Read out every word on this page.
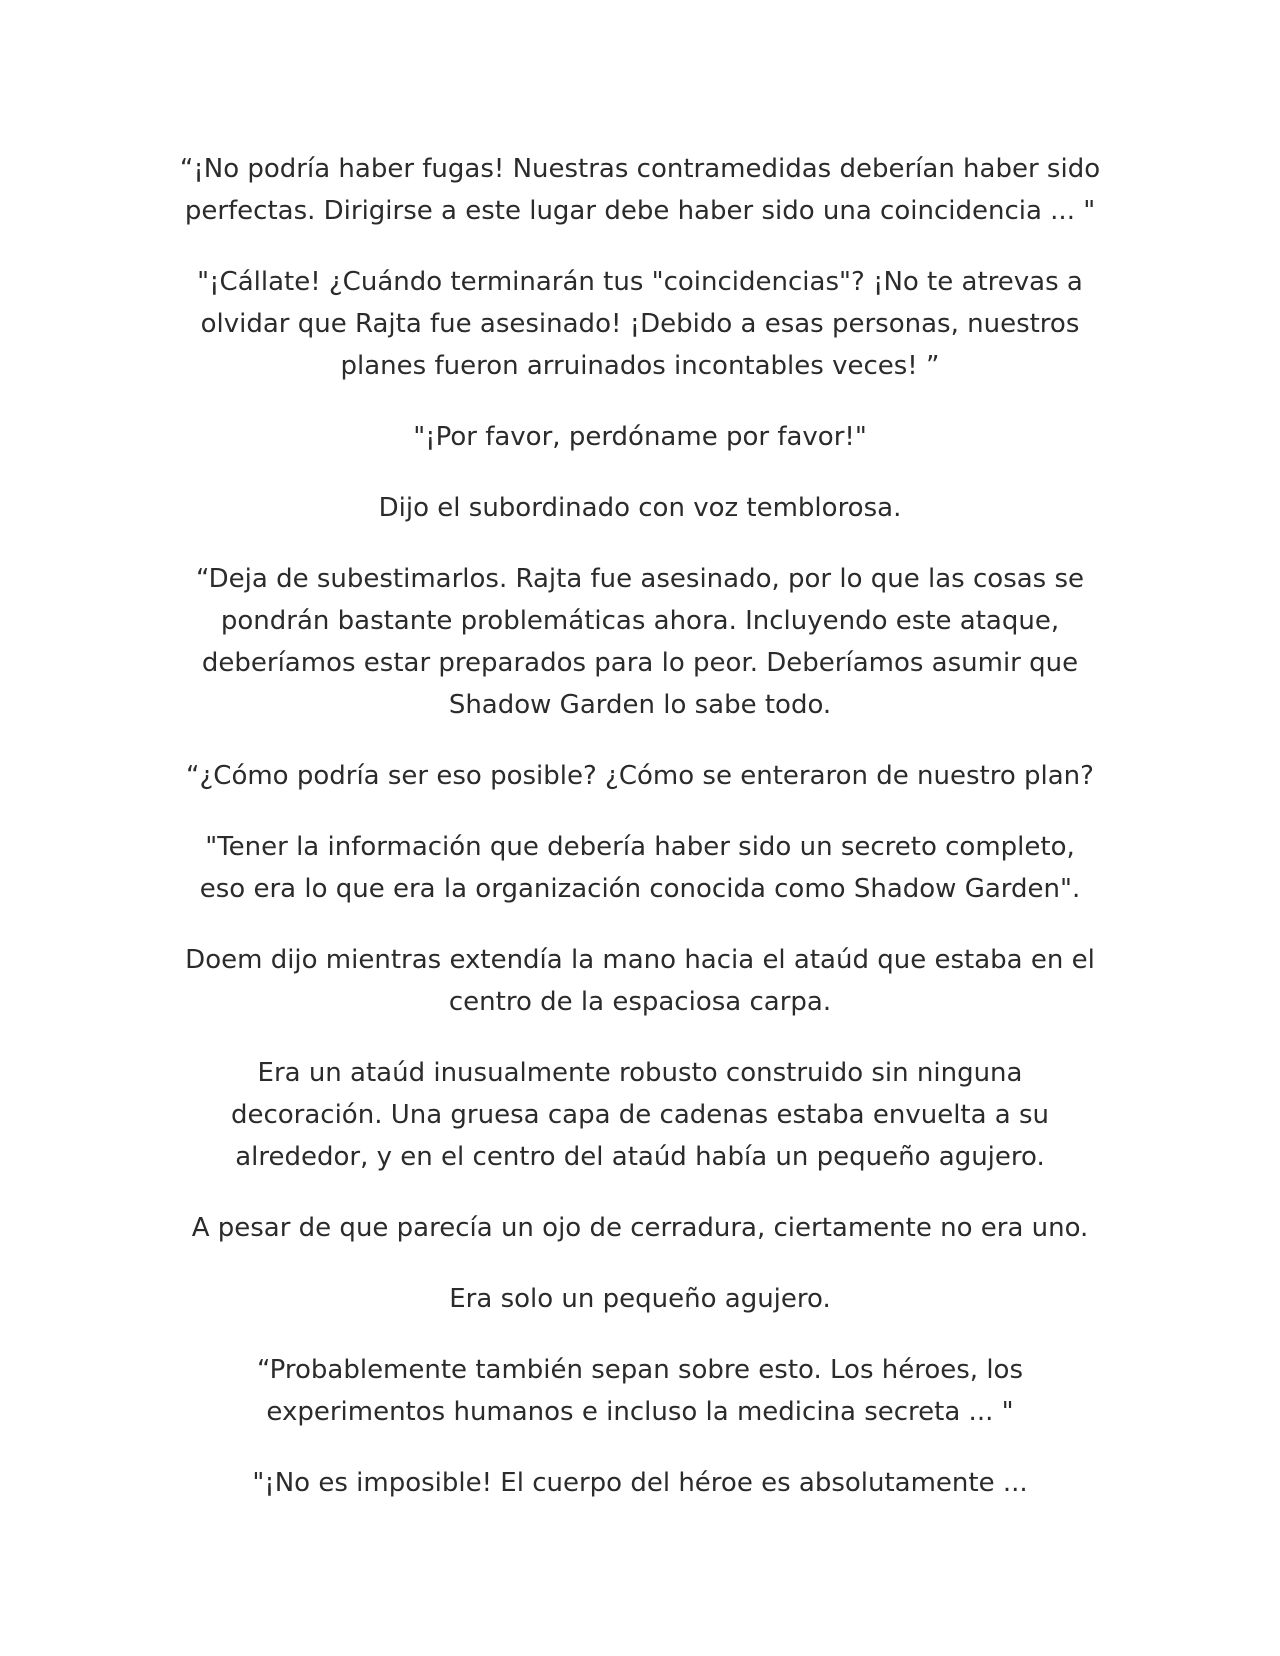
“¡No podría haber fugas! Nuestras contramedidas deberían haber sido
perfectas. Dirigirse a este lugar debe haber sido una coincidencia ... "

"¡Cállate! ¿Cuándo terminarán tus "coincidencias"? ¡No te atrevas a
olvidar que Rajta fue asesinado! ¡Debido a esas personas, nuestros
planes fueron arruinados incontables veces! ”

"¡Por favor, perdóname por favor!"

Dijo el subordinado con voz temblorosa.

“Deja de subestimarlos. Rajta fue asesinado, por lo que las cosas se
pondrán bastante problemáticas ahora. Incluyendo este ataque,
deberíamos estar preparados para lo peor. Deberíamos asumir que
Shadow Garden lo sabe todo.

“¿Cómo podría ser eso posible? ¿Cómo se enteraron de nuestro plan?

"Tener la información que debería haber sido un secreto completo,
eso era lo que era la organización conocida como Shadow Garden".

Doem dijo mientras extendía la mano hacia el ataúd que estaba en el
centro de la espaciosa carpa.

Era un ataúd inusualmente robusto construido sin ninguna
decoración. Una gruesa capa de cadenas estaba envuelta a su
alrededor, y en el centro del ataúd había un pequeño agujero.

A pesar de que parecía un ojo de cerradura, ciertamente no era uno.

Era solo un pequeño agujero.

“Probablemente también sepan sobre esto. Los héroes, los
experimentos humanos e incluso la medicina secreta ... "

"¡No es imposible! El cuerpo del héroe es absolutamente ...
